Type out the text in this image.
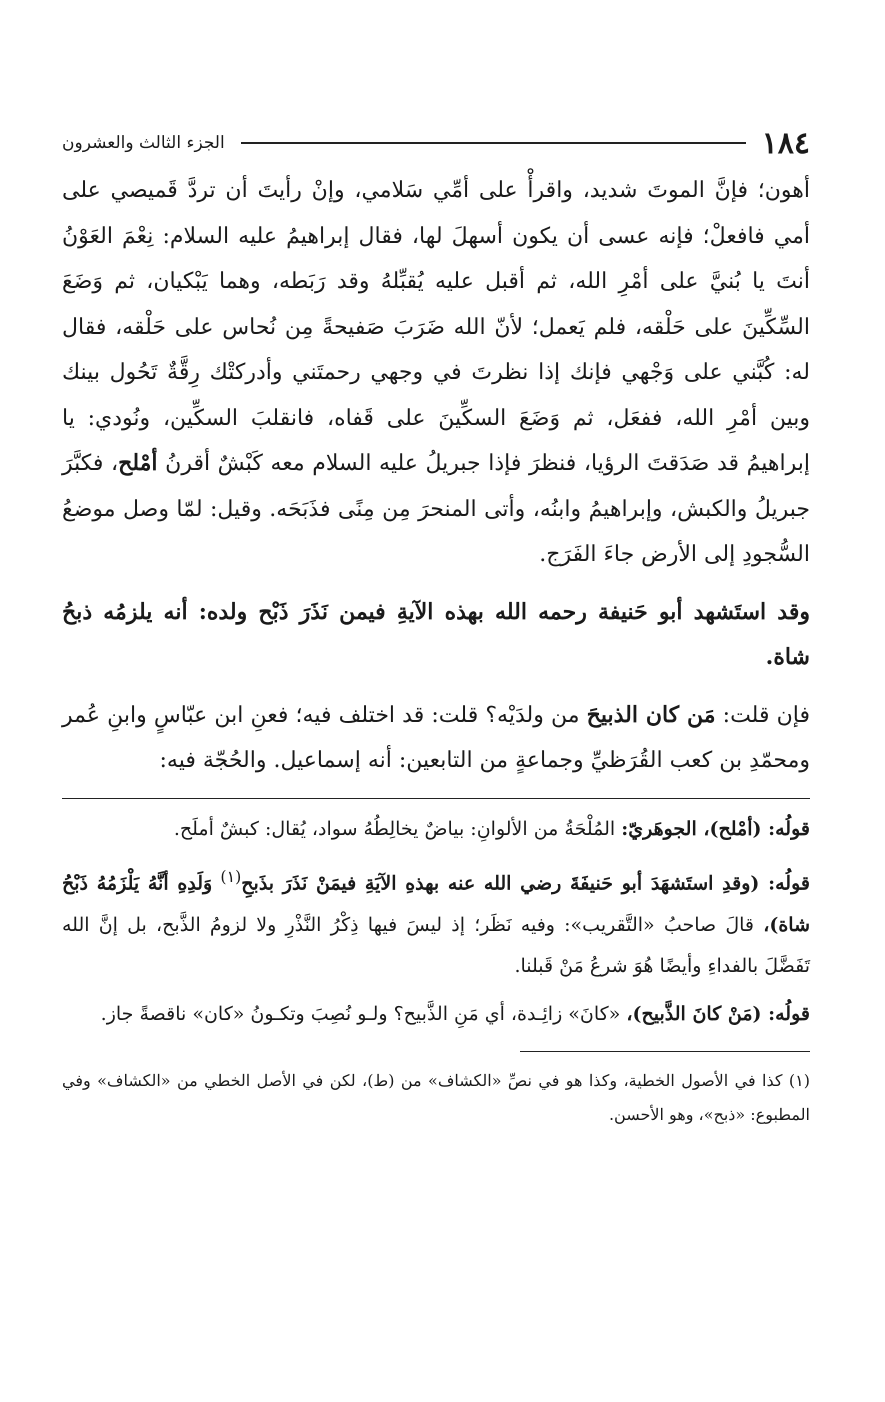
١٨٤
الجزء الثالث والعشرون

أهون؛ فإنَّ الموتَ شديد، واقرأْ على أمِّي سَلامي، وإنْ رأيتَ أن تردَّ قَميصي على أمي فافعلْ؛ فإنه عسى أن يكون أسهلَ لها، فقال إبراهيمُ عليه السلام: نِعْمَ العَوْنُ أنتَ يا بُنيَّ على أمْرِ الله، ثم أقبل عليه يُقبِّلهُ وقد رَبَطه، وهما يَبْكيان، ثم وَضَعَ السِّكِّينَ على حَلْقه، فلم يَعمل؛ لأنّ الله ضَرَبَ صَفيحةً مِن نُحاس على حَلْقه، فقال له: كُبَّني على وَجْهي فإنك إذا نظرتَ في وجهي رحمتَني وأدركتْك رِقَّةٌ تَحُول بينك وبين أمْرِ الله، ففعَل، ثم وَضَعَ السكِّينَ على قَفاه، فانقلبَ السكِّين، ونُودي: يا إبراهيمُ قد صَدَقتَ الرؤيا، فنظرَ فإذا جبريلُ عليه السلام معه كَبْشٌ أقرنُ أمْلح، فكبَّرَ جبريلُ والكبش، وإبراهيمُ وابنُه، وأتى المنحرَ مِن مِنًى فذَبَحَه. وقيل: لمّا وصل موضعُ السُّجودِ إلى الأرض جاءَ الفَرَج.

وقد استَشهد أبو حَنيفة رحمه الله بهذه الآيةِ فيمن نَذَرَ ذَبْح ولده: أنه يلزمُه ذبحُ شاة.

فإن قلت: مَن كان الذبيحَ من ولدَيْه؟ قلت: قد اختلف فيه؛ فعنِ ابن عبّاسٍ وابنِ عُمر ومحمّدِ بن كعب القُرَظيِّ وجماعةٍ من التابعين: أنه إسماعيل. والحُجّة فيه:

قولُه: (أمْلح)، الجوهَريّ: المُلْحَةُ من الألوانِ: بياضٌ يخالِطُهُ سواد، يُقال: كبشٌ أملَح.

قولُه: (وقدِ استَشهَدَ أبو حَنيفَةَ رضي الله عنه بهذهِ الآيَةِ فيمَنْ نَذَرَ بذَبحِ$^{(١)}$ وَلَدِهِ أنَّهُ يَلْزَمُهُ ذَبْحُ شاة)، قالَ صاحبُ «التَّقريب»: وفيه نَظَر؛ إذ ليسَ فيها ذِكْرُ النَّذْرِ ولا لزومُ الذَّبح، بل إنَّ الله تَفَضَّلَ بالفداءِ وأيضًا هُوَ شرعُ مَنْ قَبلنا.

قولُه: (مَنْ كانَ الذَّبيح)، «كانَ» زائِـدة، أي مَنِ الذَّبيح؟ ولـو نُصِبَ وتكـونُ «كان» ناقصةً جاز.

(١) كذا في الأصول الخطية، وكذا هو في نصِّ «الكشاف» من (ط)، لكن في الأصل الخطي من «الكشاف» وفي المطبوع: «ذبح»، وهو الأحسن.
